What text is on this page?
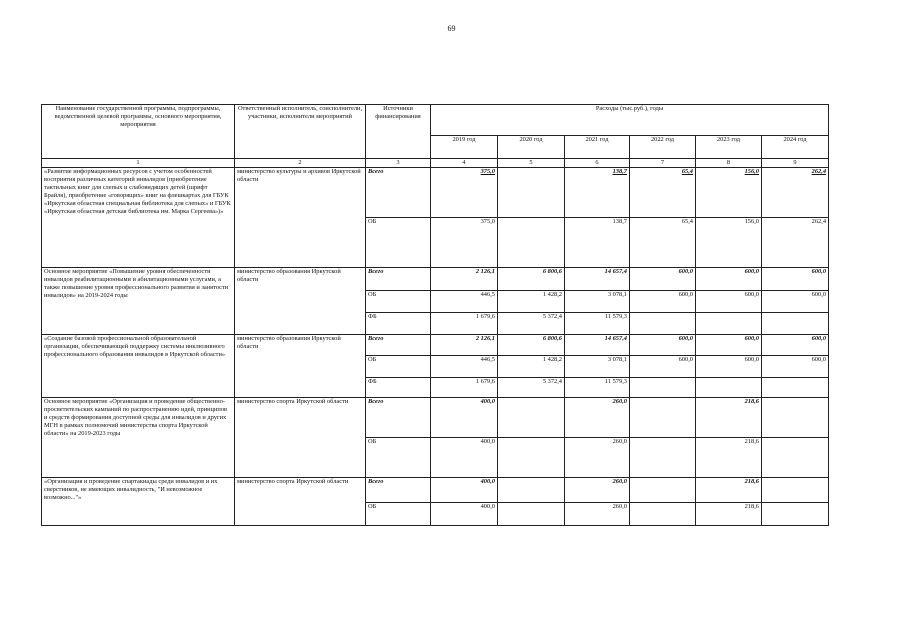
69
Наименование государственной программы, подпрограммы, ведомственной целевой программы, основного мероприятия, мероприятия	Ответственный исполнитель, соисполнители, участники, исполнители мероприятий	Источники финансирования	Расходы (тыс.руб.), годы					
			2019 год	2020 год	2021 год	2022 год	2023 год	2024 год
1	2	3	4	5	6	7	8	9
«Развитие информационных ресурсов с учетом особенностей восприятия различных категорий инвалидов (приобретение тактильных книг для слепых и слабовидящих детей (шрифт Брайля), приобретение «говорящих» книг на флешкартах для ГБУК «Иркутская областная специальная библиотека для слепых» и ГБУК «Иркутская областная детская библиотека им. Марка Сергеева»)»	министерство культуры и архивов Иркутской области	Всего	375,0		138,7	65,4	156,0	262,4
		ОБ	375,0		138,7	65,4	156,0	262,4
Основное мероприятие «Повышение уровня обеспеченности инвалидов реабилитационными и абилитационными услугами, а также повышение уровня профессионального развития и занятости инвалидов» на 2019-2024 годы	министерство образования Иркутской области	Всего	2 126,1	6 800,6	14 657,4	600,0	600,0	600,0
		ОБ	446,5	1 428,2	3 078,1	600,0	600,0	600,0
		ФБ	1 679,6	5 372,4	11 579,3			
«Создание базовой профессиональной образовательной организации, обеспечивающей поддержку системы инклюзивного профессионального образования инвалидов в Иркутской области»	министерство образования Иркутской области	Всего	2 126,1	6 800,6	14 657,4	600,0	600,0	600,0
		ОБ	446,5	1 428,2	3 078,1	600,0	600,0	600,0
		ФБ	1 679,6	5 372,4	11 579,3			
Основное мероприятие «Организация и проведение общественно-просветительских кампаний по распространению идей, принципов и средств формирования доступной среды для инвалидов и других МГН в рамках полномочий министерства спорта Иркутской области» на 2019-2023 годы	министерство спорта Иркутской области	Всего	400,0		260,0		218,6	
		ОБ	400,0		260,0		218,6	
«Организация и проведение спартакиады среди инвалидов и их сверстников, не имеющих инвалидность, "И невозможное возможно..."»	министерство спорта Иркутской области	Всего	400,0		260,0		218,6	
		ОБ	400,0		260,0		218,6	
